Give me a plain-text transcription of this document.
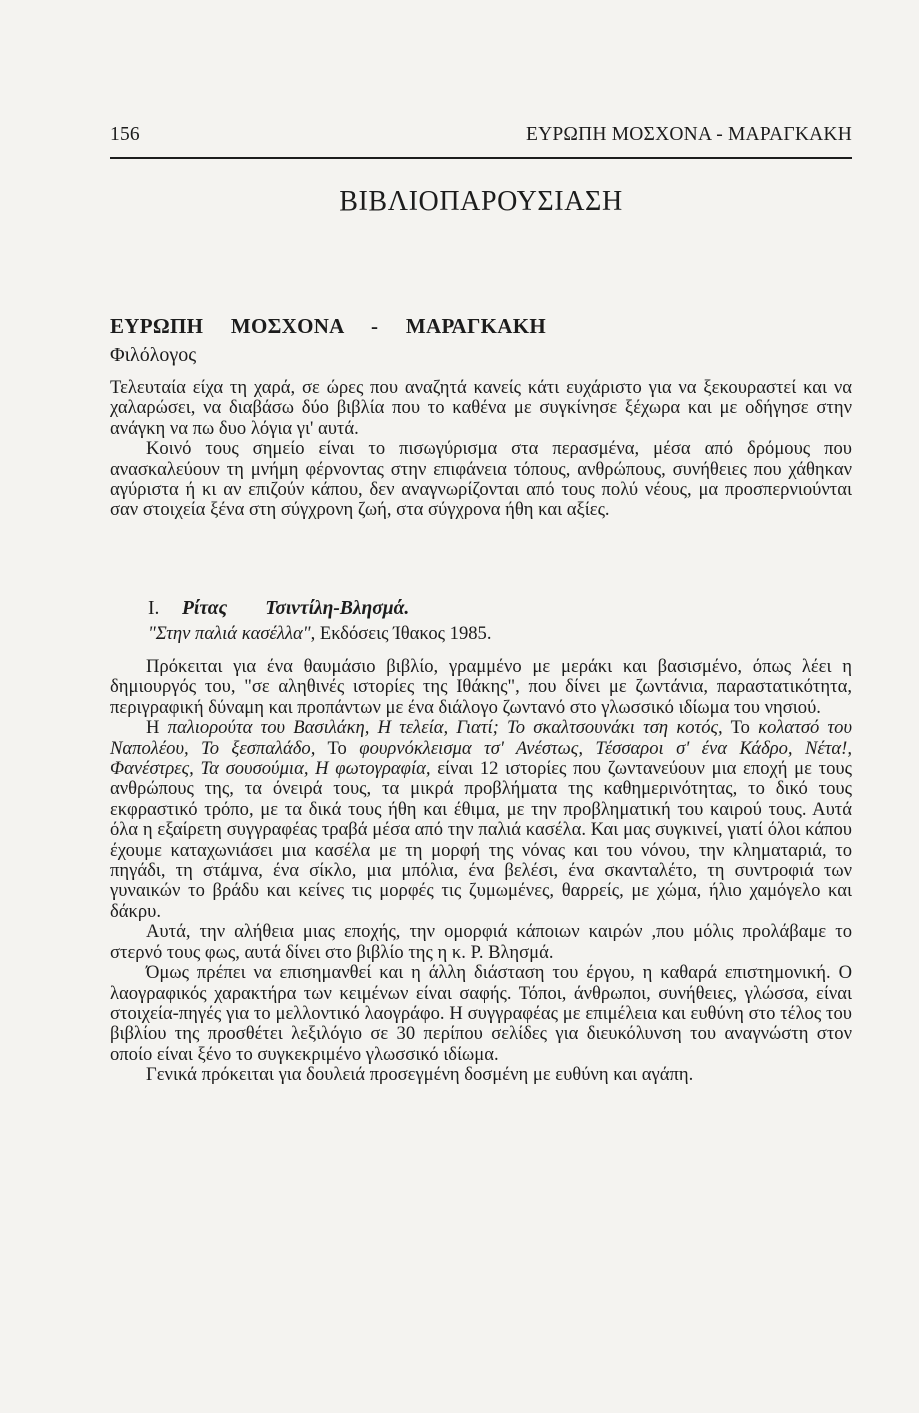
156	ΕΥΡΩΠΗ ΜΟΣΧΟΝΑ - ΜΑΡΑΓΚΑΚΗ
ΒΙΒΛΙΟΠΑΡΟΥΣΙΑΣΗ
ΕΥΡΩΠΗ ΜΟΣΧΟΝΑ - ΜΑΡΑΓΚΑΚΗ
Φιλόλογος

Τελευταία είχα τη χαρά, σε ώρες που αναζητά κανείς κάτι ευχάριστο για να ξεκουραστεί και να χαλαρώσει, να διαβάσω δύο βιβλία που το καθένα με συγκίνησε ξέχωρα και με οδήγησε στην ανάγκη να πω δυο λόγια γι' αυτά.

Κοινό τους σημείο είναι το πισωγύρισμα στα περασμένα, μέσα από δρόμους που ανασκαλεύουν τη μνήμη φέρνοντας στην επιφάνεια τόπους, ανθρώπους, συνήθειες που χάθηκαν αγύριστα ή κι αν επιζούν κάπου, δεν αναγνωρίζονται από τους πολύ νέους, μα προσπερνιούνται σαν στοιχεία ξένα στη σύγχρονη ζωή, στα σύγχρονα ήθη και αξίες.

Ι. Ρίτας Τσιντίλη-Βλησμά.
"Στην παλιά κασέλλα", Εκδόσεις Ίθακος 1985.

Πρόκειται για ένα θαυμάσιο βιβλίο, γραμμένο με μεράκι και βασισμένο, όπως λέει η δημιουργός του, "σε αληθινές ιστορίες της Ιθάκης", που δίνει με ζωντάνια, παραστατικότητα, περιγραφική δύναμη και προπάντων με ένα διάλογο ζωντανό στο γλωσσικό ιδίωμα του νησιού.

Η παλιορούτα του Βασιλάκη, Η τελεία, Γιατί; Το σκαλτσουνάκι τση κοτός, Το κολατσό του Ναπολέου, Το ξεσπαλάδο, Το φουρνόκλεισμα τσ' Ανέστως, Τέσσαροι σ' ένα Κάδρο, Νέτα!, Φανέστρες, Τα σουσούμια, Η φωτογραφία, είναι 12 ιστορίες που ζωντανεύουν μια εποχή με τους ανθρώπους της, τα όνειρά τους, τα μικρά προβλήματα της καθημερινότητας, το δικό τους εκφραστικό τρόπο, με τα δικά τους ήθη και έθιμα, με την προβληματική του καιρού τους. Αυτά όλα η εξαίρετη συγγραφέας τραβά μέσα από την παλιά κασέλα. Και μας συγκινεί, γιατί όλοι κάπου έχουμε καταχωνιάσει μια κασέλα με τη μορφή της νόνας και του νόνου, την κληματαριά, το πηγάδι, τη στάμνα, ένα σίκλο, μια μπόλια, ένα βελέσι, ένα σκανταλέτο, τη συντροφιά των γυναικών το βράδυ και κείνες τις μορφές τις ζυμωμένες, θαρρείς, με χώμα, ήλιο χαμόγελο και δάκρυ.

Αυτά, την αλήθεια μιας εποχής, την ομορφιά κάποιων καιρών ,που μόλις προλάβαμε το στερνό τους φως, αυτά δίνει στο βιβλίο της η κ. Ρ. Βλησμά.

Όμως πρέπει να επισημανθεί και η άλλη διάσταση του έργου, η καθαρά επιστημονική. Ο λαογραφικός χαρακτήρα των κειμένων είναι σαφής. Τόποι, άνθρωποι, συνήθειες, γλώσσα, είναι στοιχεία-πηγές για το μελλοντικό λαογράφο. Η συγγραφέας με επιμέλεια και ευθύνη στο τέλος του βιβλίου της προσθέτει λεξιλόγιο σε 30 περίπου σελίδες για διευκόλυνση του αναγνώστη στον οποίο είναι ξένο το συγκεκριμένο γλωσσικό ιδίωμα.

Γενικά πρόκειται για δουλειά προσεγμένη δοσμένη με ευθύνη και αγάπη.
